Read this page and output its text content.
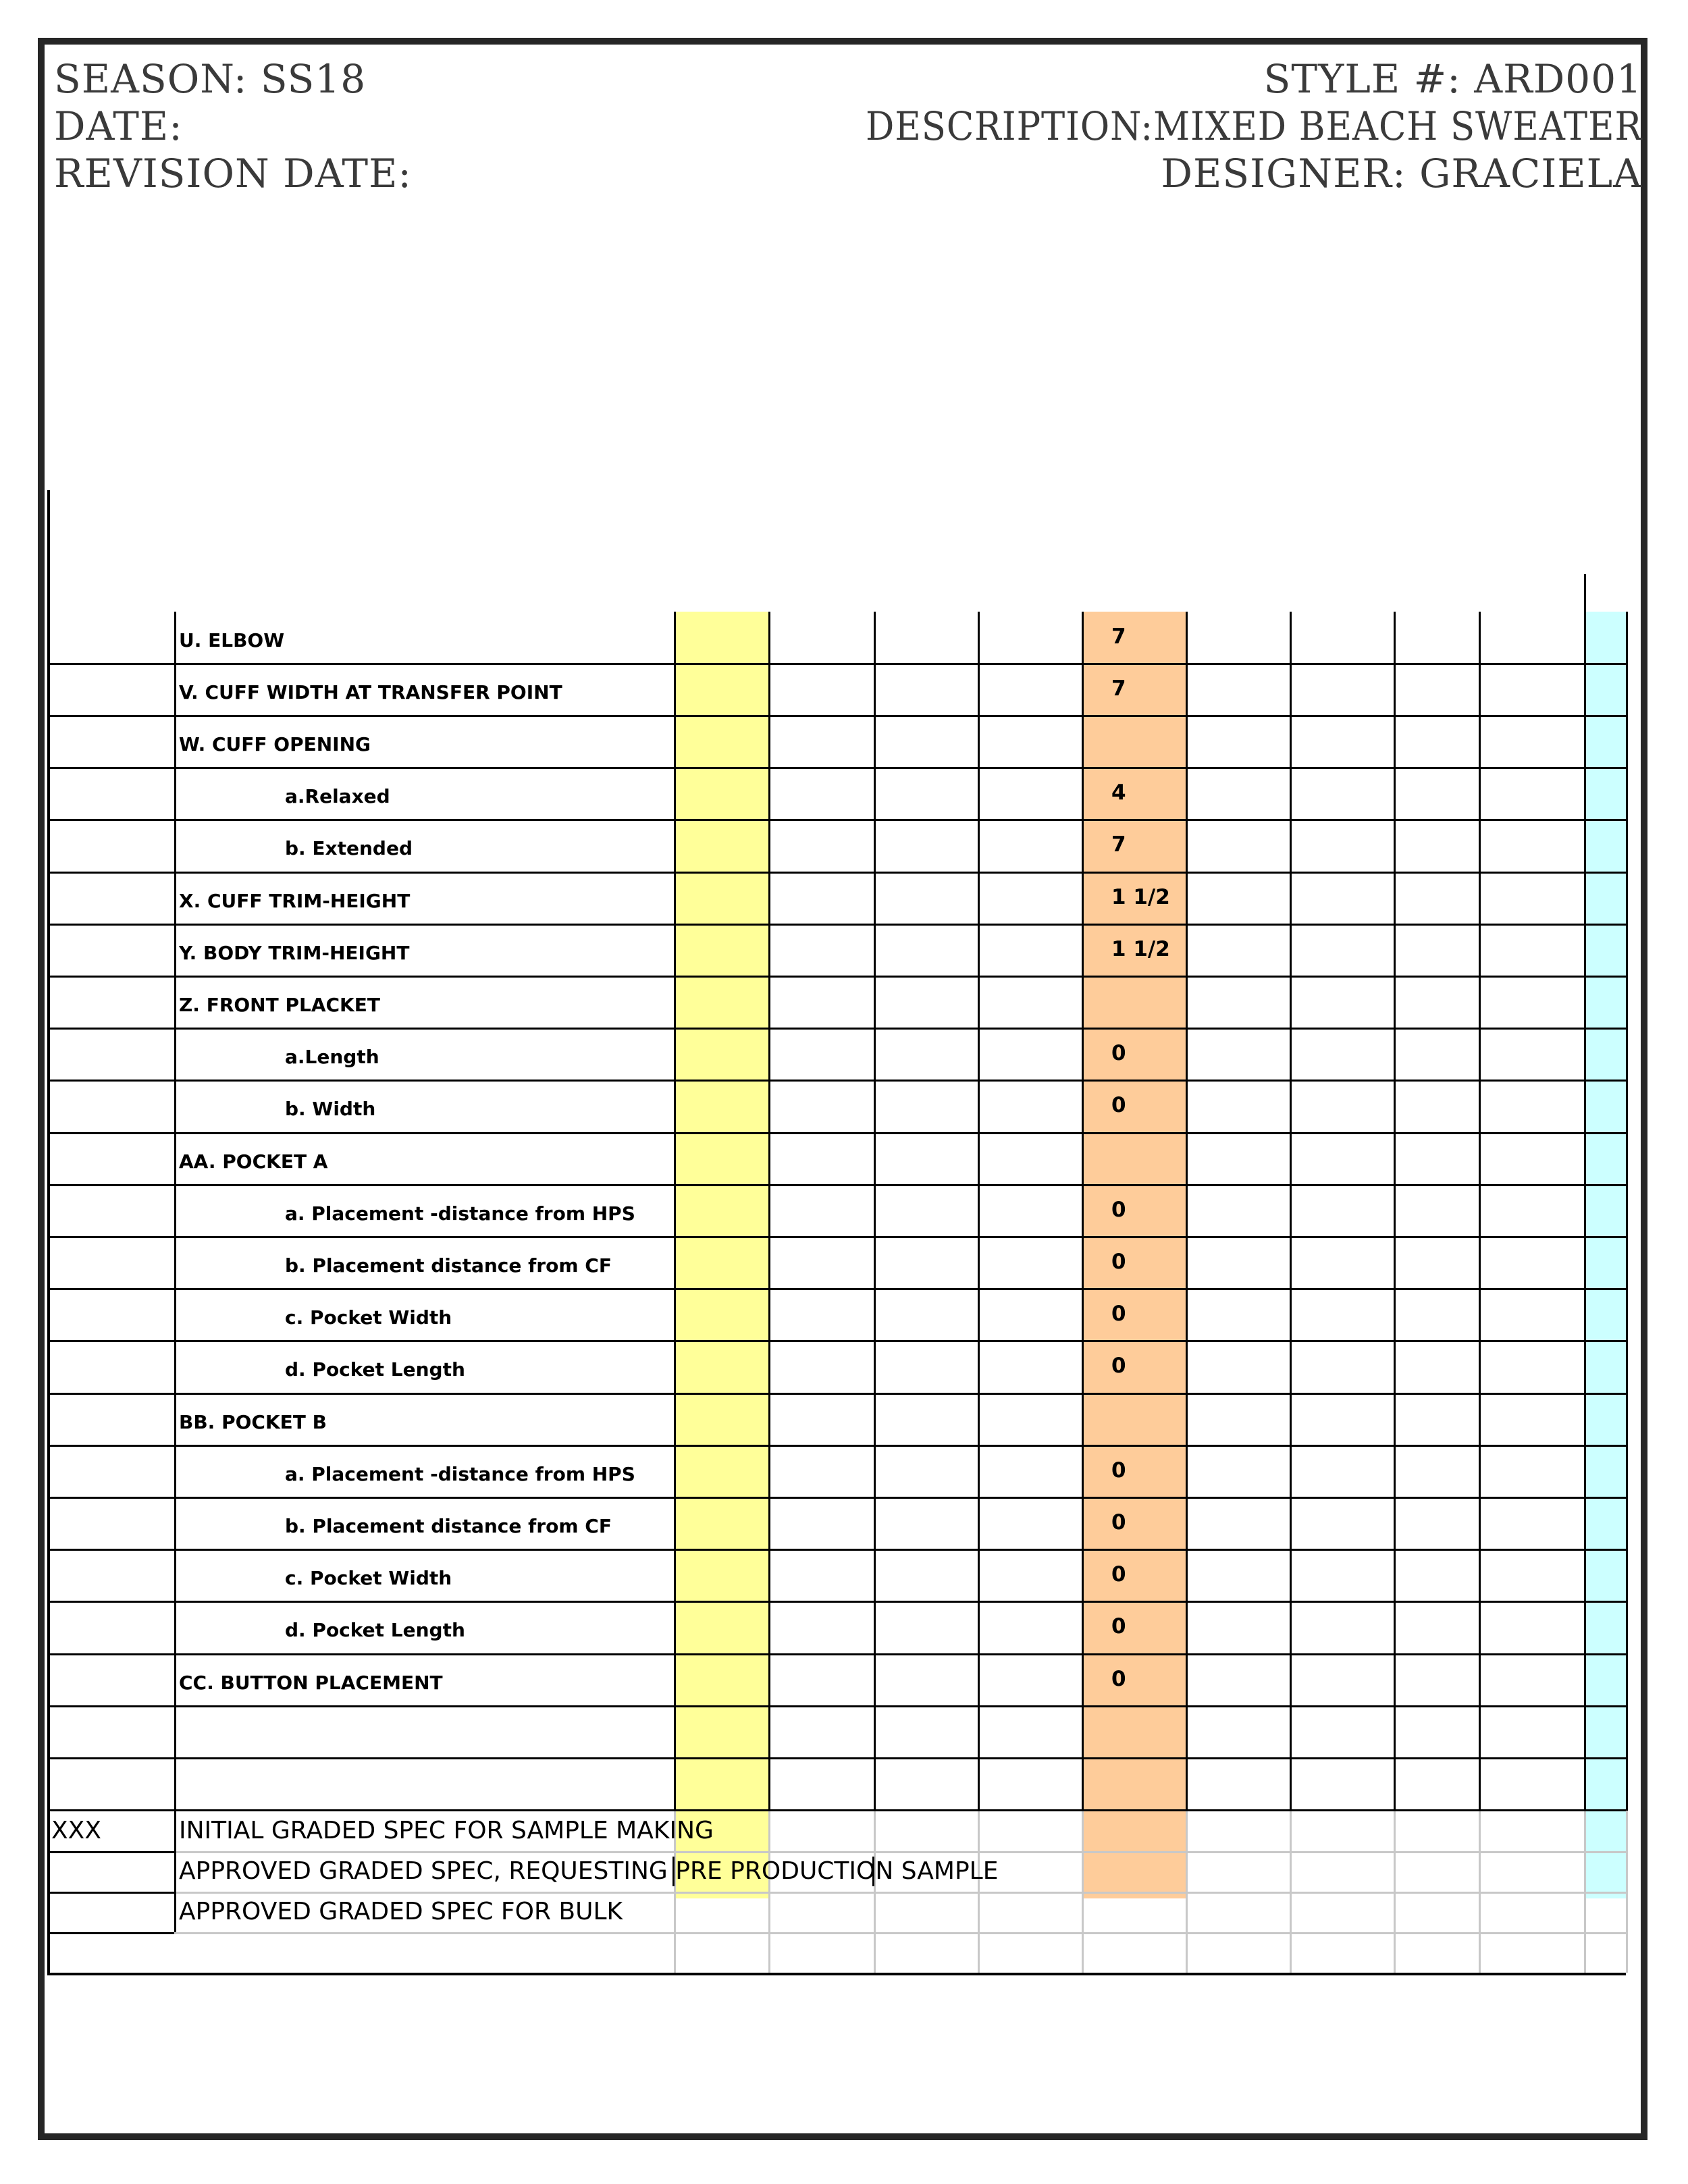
SEASON: SS18
DATE:
REVISION DATE:
STYLE #: ARD001
DESCRIPTION:MIXED BEACH SWEATER
DESIGNER: GRACIELA
U. ELBOW	7
V. CUFF WIDTH AT TRANSFER POINT	7
W. CUFF OPENING
a.Relaxed	4
b. Extended	7
X. CUFF TRIM-HEIGHT	1 1/2
Y. BODY TRIM-HEIGHT	1 1/2
Z. FRONT PLACKET
a.Length	0
b. Width	0
AA. POCKET A
a. Placement -distance from HPS	0
b. Placement distance from CF	0
c. Pocket Width	0
d. Pocket Length	0
BB. POCKET B
a. Placement -distance from HPS	0
b. Placement distance from CF	0
c. Pocket Width	0
d. Pocket Length	0
CC. BUTTON PLACEMENT	0
XXX	INITIAL GRADED SPEC FOR SAMPLE MAKING
APPROVED GRADED SPEC, REQUESTING PRE PRODUCTION SAMPLE
APPROVED GRADED SPEC FOR BULK
